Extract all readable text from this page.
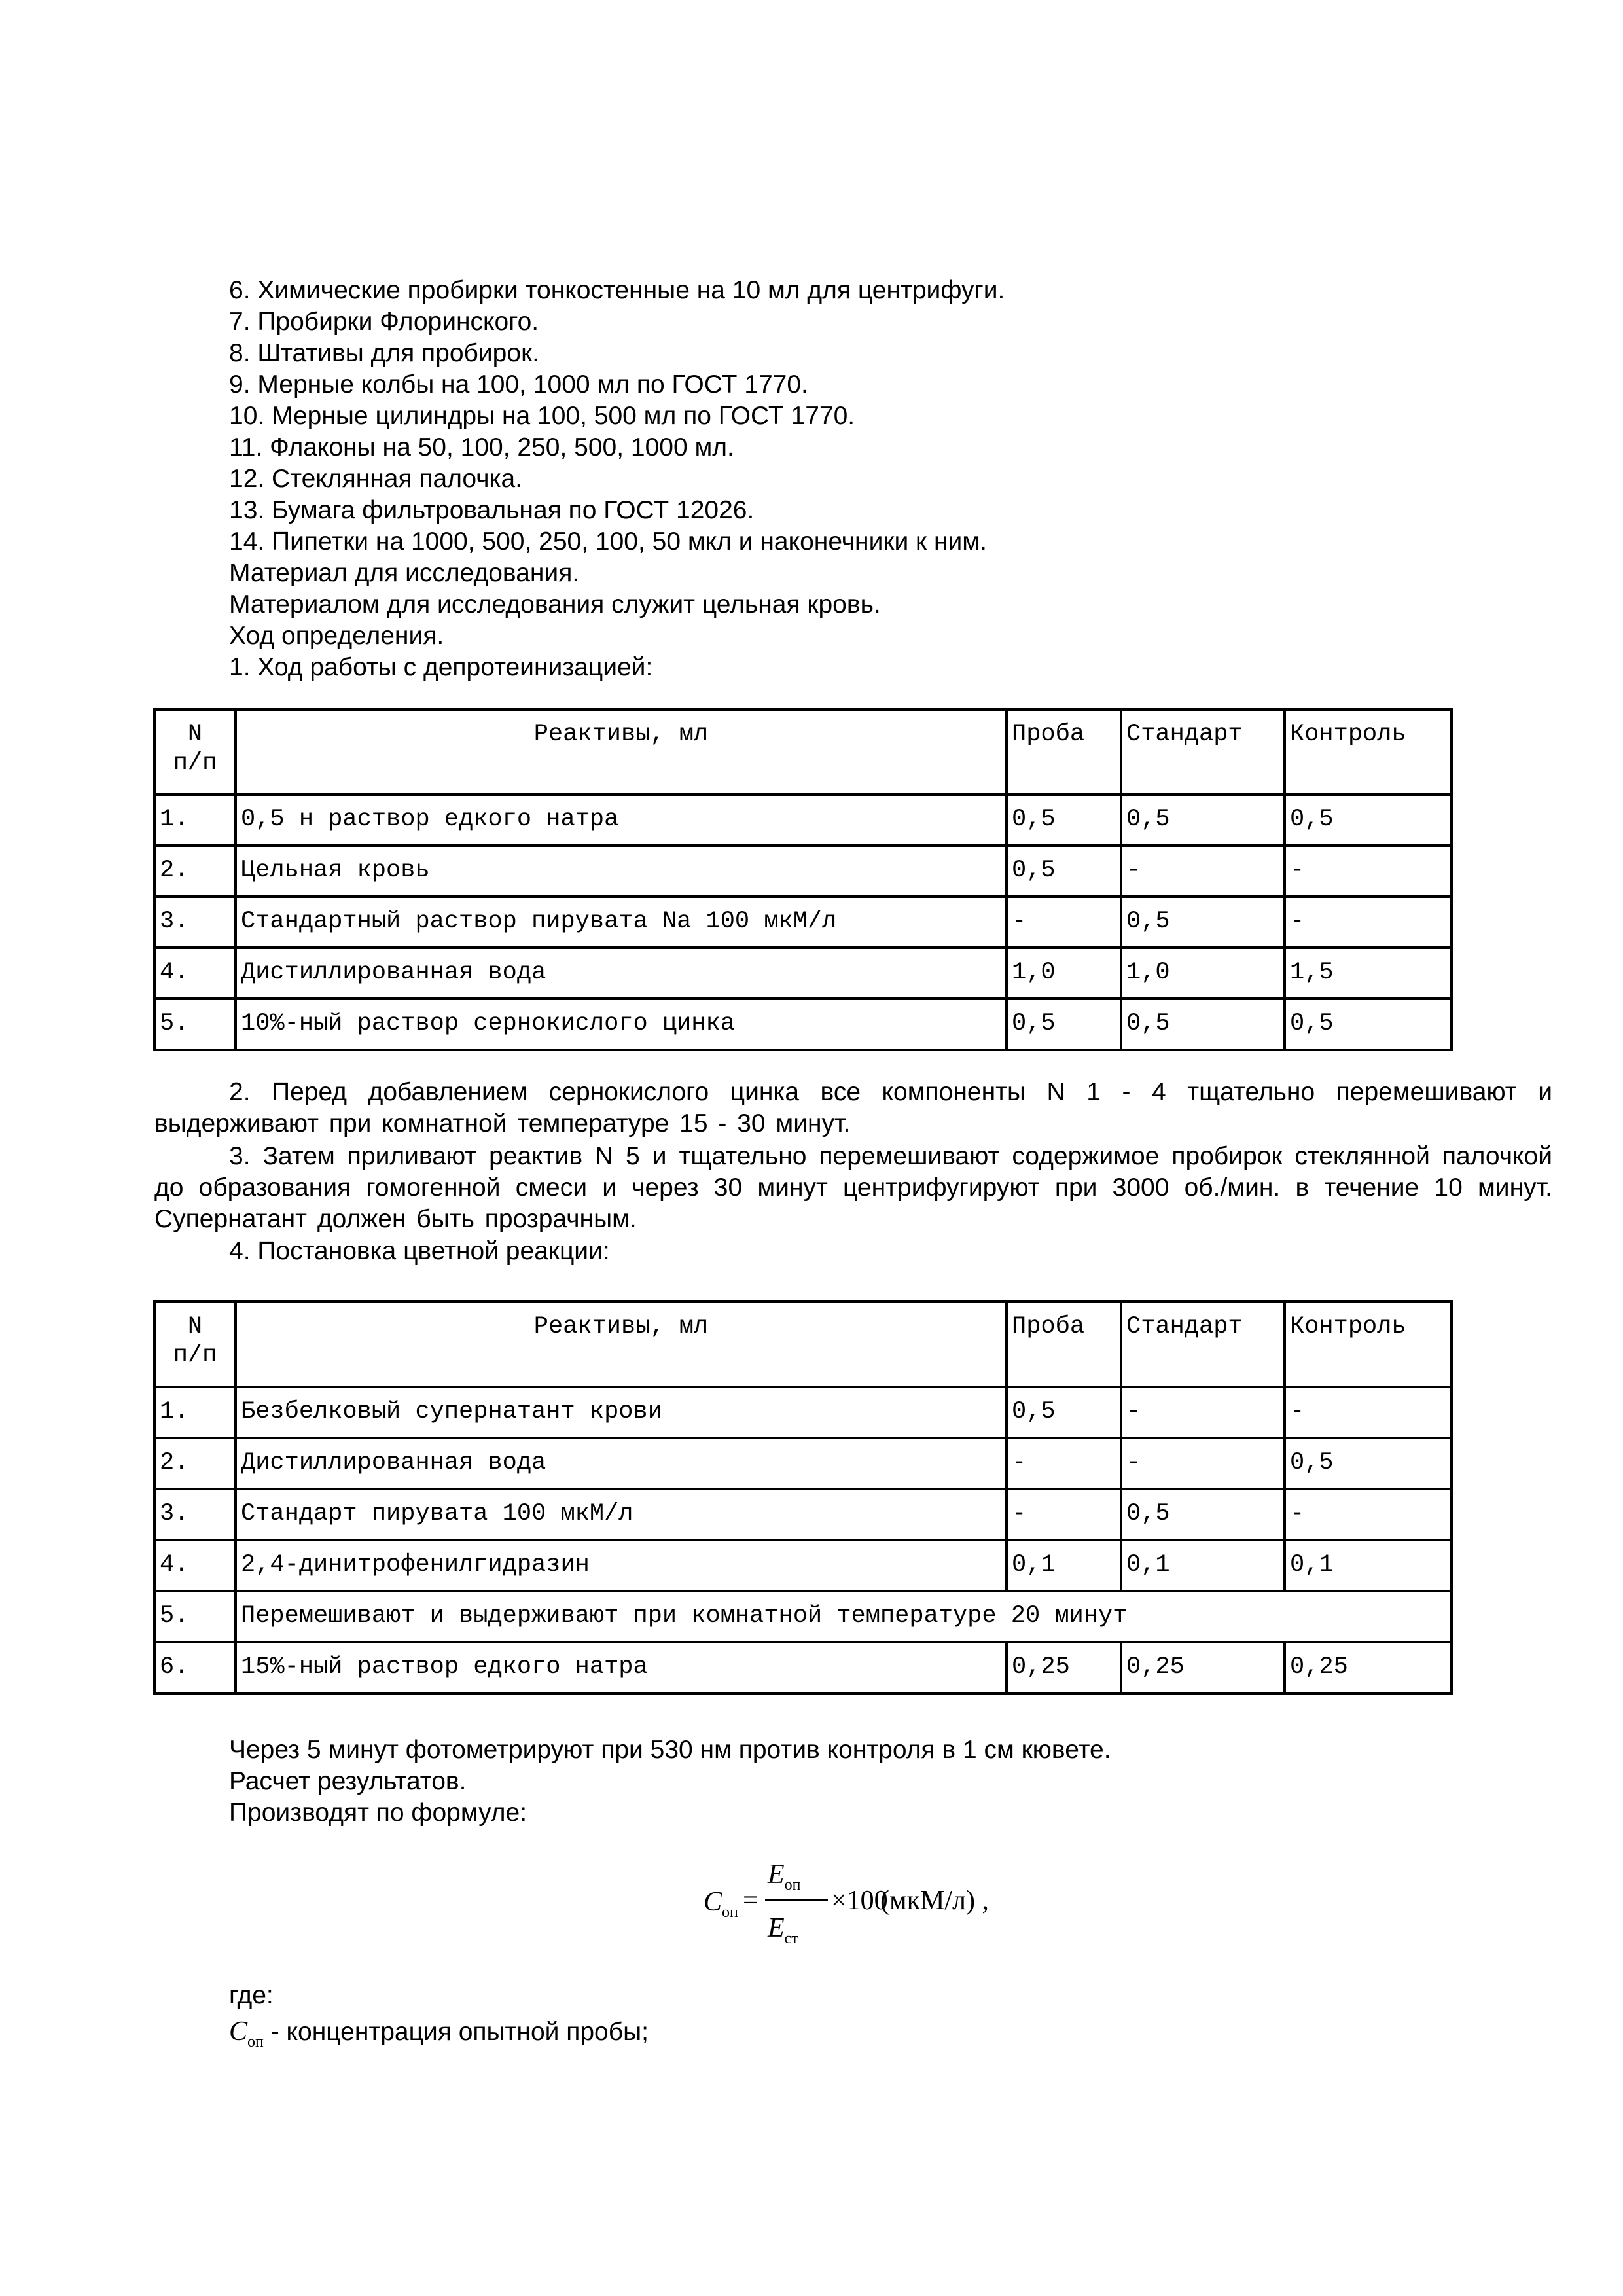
6. Химические пробирки тонкостенные на 10 мл для центрифуги.
7. Пробирки Флоринского.
8. Штативы для пробирок.
9. Мерные колбы на 100, 1000 мл по ГОСТ 1770.
10. Мерные цилиндры на 100, 500 мл по ГОСТ 1770.
11. Флаконы на 50, 100, 250, 500, 1000 мл.
12. Стеклянная палочка.
13. Бумага фильтровальная по ГОСТ 12026.
14. Пипетки на 1000, 500, 250, 100, 50 мкл и наконечники к ним.
Материал для исследования.
Материалом для исследования служит цельная кровь.
Ход определения.
1. Ход работы с депротеинизацией:
N
п/п	Реактивы, мл	Проба	Стандарт	Контроль
1.	0,5 н раствор едкого натра	0,5	0,5	0,5
2.	Цельная кровь	0,5	-	-
3.	Стандартный раствор пирувата Na 100 мкМ/л	-	0,5	-
4.	Дистиллированная вода	1,0	1,0	1,5
5.	10%-ный раствор сернокислого цинка	0,5	0,5	0,5
2. Перед добавлением сернокислого цинка все компоненты N 1 - 4 тщательно перемешивают и выдерживают при комнатной температуре 15 - 30 минут.
3. Затем приливают реактив N 5 и тщательно перемешивают содержимое пробирок стеклянной палочкой до образования гомогенной смеси и через 30 минут центрифугируют при 3000 об./мин. в течение 10 минут. Супернатант должен быть прозрачным.
4. Постановка цветной реакции:
N
п/п	Реактивы, мл	Проба	Стандарт	Контроль
1.	Безбелковый супернатант крови	0,5	-	-
2.	Дистиллированная вода	-	-	0,5
3.	Стандарт пирувата 100 мкМ/л	-	0,5	-
4.	2,4-динитрофенилгидразин	0,1	0,1	0,1
5.	Перемешивают и выдерживают при комнатной температуре 20 минут			
6.	15%-ный раствор едкого натра	0,25	0,25	0,25
Через 5 минут фотометрируют при 530 нм против контроля в 1 см кювете.
Расчет результатов.
Производят по формуле:
$C_{оп}$ =
$E_{оп}$
$E_{ст}$
×100
(мкМ/л) ,
где:
$C_{оп}$ - концентрация опытной пробы;
